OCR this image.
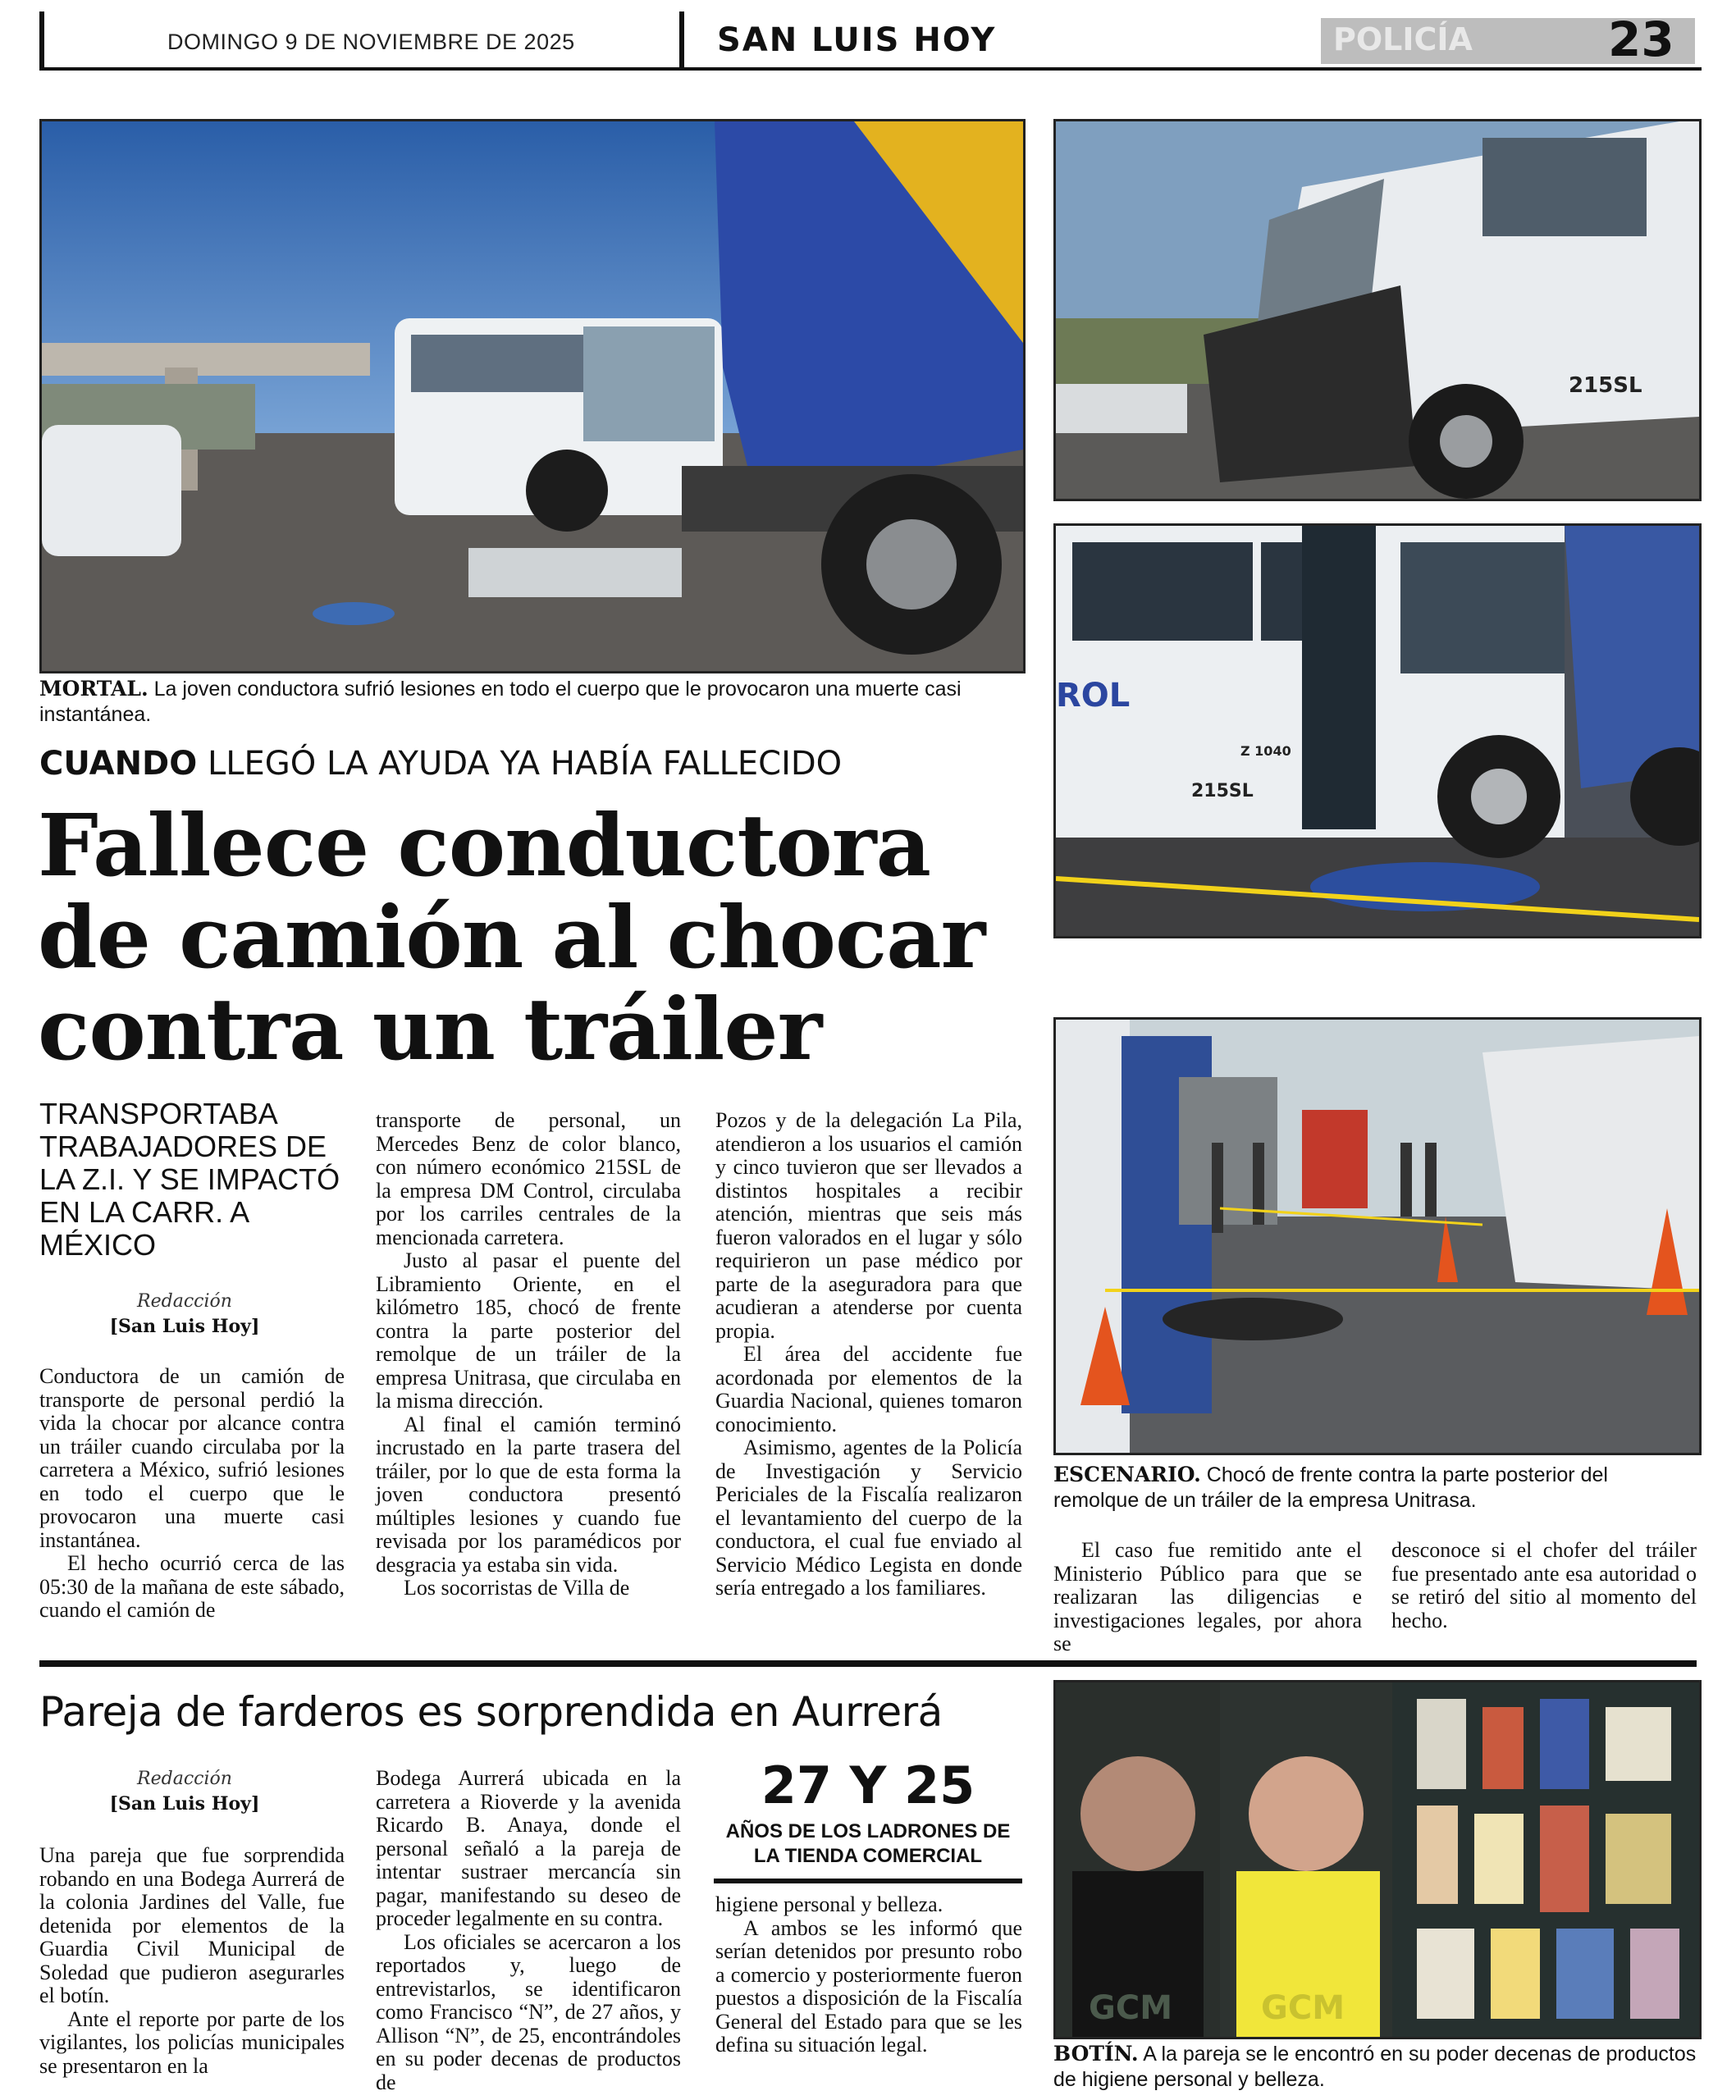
DOMINGO 9 DE NOVIEMBRE DE 2025	SAN LUIS HOY	POLICÍA	23
MORTAL. La joven conductora sufrió lesiones en todo el cuerpo que le provocaron una muerte casi instantánea.
215SL
ROL
215SL
Z 1040
ESCENARIO. Chocó de frente contra la parte posterior del remolque de un tráiler de la empresa Unitrasa.
CUANDO LLEGÓ LA AYUDA YA HABÍA FALLECIDO
Fallece conductora
de camión al chocar
contra un tráiler
TRANSPORTABA TRABAJADORES DE LA Z.I. Y SE IMPACTÓ EN LA CARR. A MÉXICO
Redacción
[San Luis Hoy]

Conductora de un camión de transporte de personal perdió la vida la chocar por alcance contra un tráiler cuando circulaba por la carretera a México, sufrió lesiones en todo el cuerpo que le provocaron una muerte casi instantánea.

El hecho ocurrió cerca de las 05:30 de la mañana de este sábado, cuando el camión de

transporte de personal, un Mercedes Benz de color blanco, con número económico 215SL de la empresa DM Control, circulaba por los carriles centrales de la mencionada carretera.

Justo al pasar el puente del Libramiento Oriente, en el kilómetro 185, chocó de frente contra la parte posterior del remolque de un tráiler de la empresa Unitrasa, que circulaba en la misma dirección.

Al final el camión terminó incrustado en la parte trasera del tráiler, por lo que de esta forma la joven conductora presentó múltiples lesiones y cuando fue revisada por los paramédicos por desgracia ya estaba sin vida.

Los socorristas de Villa de

Pozos y de la delegación La Pila, atendieron a los usuarios el camión y cinco tuvieron que ser llevados a distintos hospitales a recibir atención, mientras que seis más fueron valorados en el lugar y sólo requirieron un pase médico por parte de la aseguradora para que acudieran a atenderse por cuenta propia.

El área del accidente fue acordonada por elementos de la Guardia Nacional, quienes tomaron conocimiento.

Asimismo, agentes de la Policía de Investigación y Servicio Periciales de la Fiscalía realizaron el levantamiento del cuerpo de la conductora, el cual fue enviado al Servicio Médico Legista en donde sería entregado a los familiares.

El caso fue remitido ante el Ministerio Público para que se realizaran las diligencias e investigaciones legales, por ahora se

desconoce si el chofer del tráiler fue presentado ante esa autoridad o se retiró del sitio al momento del hecho.

Pareja de farderos es sorprendida en Aurrerá
Redacción
[San Luis Hoy]

Una pareja que fue sorprendida robando en una Bodega Aurrerá de la colonia Jardines del Valle, fue detenida por elementos de la Guardia Civil Municipal de Soledad que pudieron asegurarles el botín.

Ante el reporte por parte de los vigilantes, los policías municipales se presentaron en la

Bodega Aurrerá ubicada en la carretera a Rioverde y la avenida Ricardo B. Anaya, donde el personal señaló a la pareja de intentar sustraer mercancía sin pagar, manifestando su deseo de proceder legalmente en su contra.

Los oficiales se acercaron a los reportados y, luego de entrevistarlos, se identificaron como Francisco “N”, de 27 años, y Allison “N”, de 25, encontrándoles en su poder decenas de productos de

27 Y 25
AÑOS DE LOS LADRONES DE LA TIENDA COMERCIAL

higiene personal y belleza.

A ambos se les informó que serían detenidos por presunto robo a comercio y posteriormente fueron puestos a disposición de la Fiscalía General del Estado para que se les defina su situación legal.

GCM	GCM
BOTÍN. A la pareja se le encontró en su poder decenas de productos de higiene personal y belleza.
